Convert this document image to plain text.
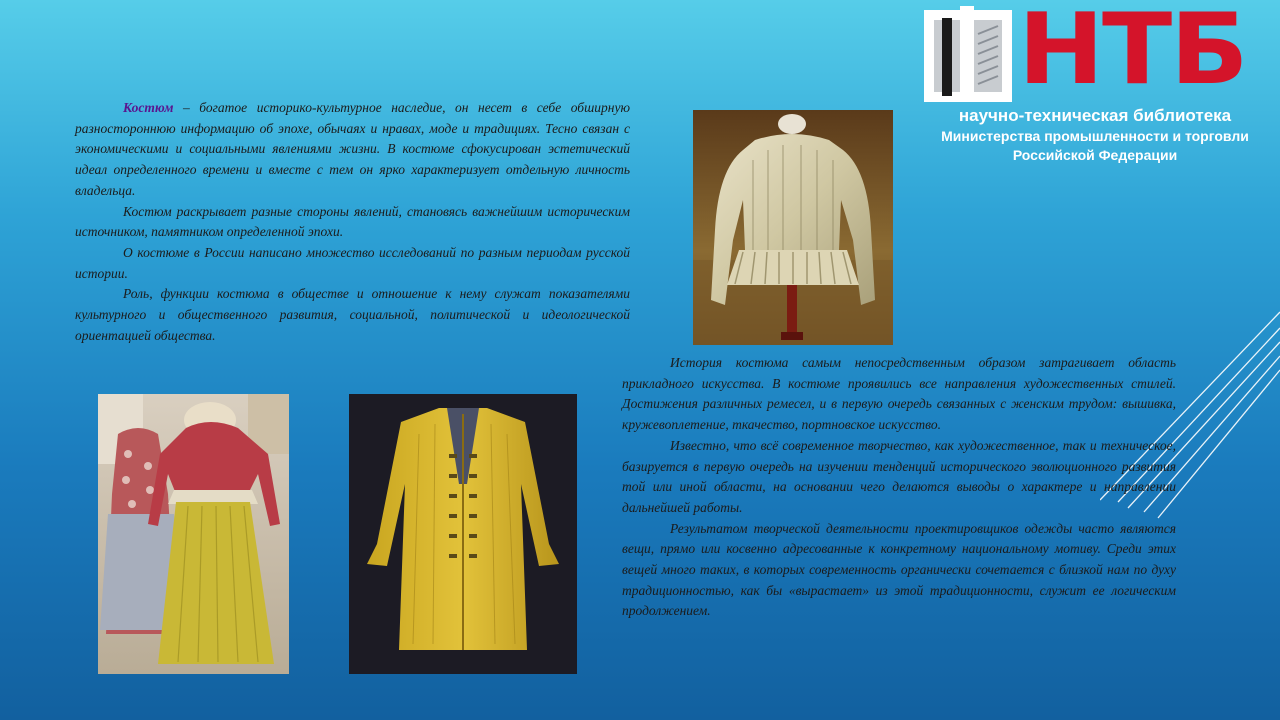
НТБ
научно-техническая библиотека
Министерства промышленности и торговли
Российской Федерации

Костюм – богатое историко-культурное наследие, он несет в себе обширную разностороннюю информацию об эпохе, обычаях и нравах, моде и традициях. Тесно связан с экономическими и социальными явлениями жизни. В костюме сфокусирован эстетический идеал определенного времени и вместе с тем он ярко характеризует отдельную личность владельца.

Костюм раскрывает разные стороны явлений, становясь важнейшим историческим источником, памятником определенной эпохи.

О костюме в России написано множество исследований по разным периодам русской истории.

Роль, функции костюма в обществе и отношение к нему служат показателями культурного и общественного развития, социальной, политической и идеологической ориентацией общества.

История костюма самым непосредственным образом затрагивает область прикладного искусства. В костюме проявились все направления художественных стилей. Достижения различных ремесел, и в первую очередь связанных с женским трудом: вышивка, кружевоплетение, ткачество, портновское искусство.

Известно, что всё современное творчество, как художественное, так и техническое, базируется в первую очередь на изучении тенденций исторического эволюционного развития той или иной области, на основании чего делаются выводы о характере и направлении дальнейшей работы.

Результатом творческой деятельности проектировщиков одежды часто являются вещи, прямо или косвенно адресованные к конкретному национальному мотиву. Среди этих вещей много таких, в которых современность органически сочетается с близкой нам по духу традиционностью, как бы «вырастает» из этой традиционности, служит ее логическим продолжением.
